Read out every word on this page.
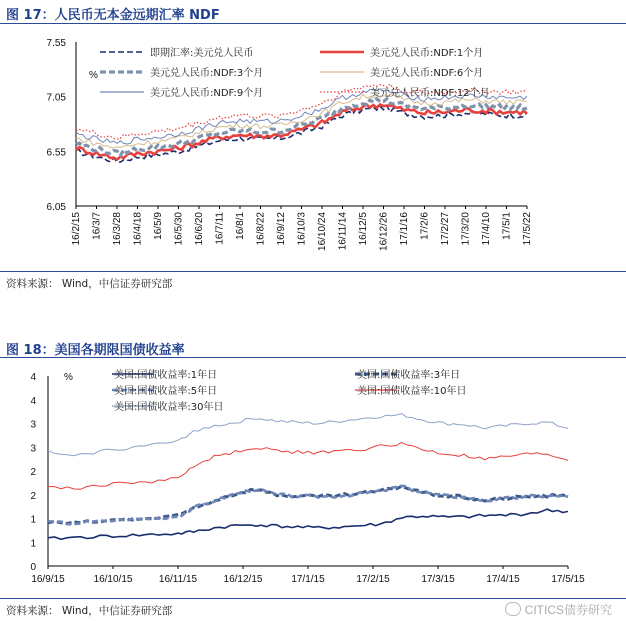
图 17：人民币无本金远期汇率 NDF
6.05
6.55
7.05
7.55
%
16/2/15 16/3/7 16/3/28 16/4/18 16/5/9 16/5/30 16/6/20 16/7/11 16/8/1 16/8/22 16/9/12 16/10/3 16/10/24 16/11/14 16/12/5 16/12/26 17/1/16 17/2/6 17/2/27 17/3/20 17/4/10 17/5/1 17/5/22
即期汇率:美元兑人民币	美元兑人民币:NDF:1个月
美元兑人民币:NDF:3个月	美元兑人民币:NDF:6个月
美元兑人民币:NDF:9个月	美元兑人民币:NDF:12个月
资料来源： Wind，中信证券研究部
图 18：美国各期限国债收益率
0
1
1
2
2
3
3
4
4	%
16/9/15	16/10/15	16/11/15	16/12/15	17/1/15	17/2/15	17/3/15	17/4/15	17/5/15
美国:国债收益率:1年日	美国:国债收益率:3年日
美国:国债收益率:5年日	美国:国债收益率:10年日
美国:国债收益率:30年日
资料来源： Wind，中信证券研究部	CITICS债券研究
